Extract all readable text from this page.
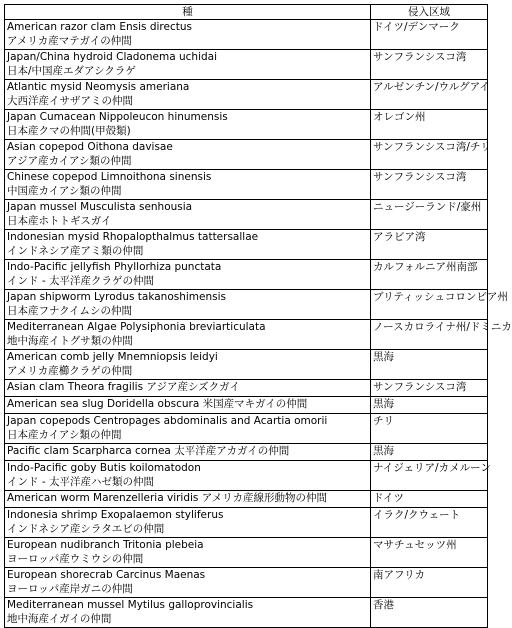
種	侵入区域

American razor clam Ensis directus
アメリカ産マテガイの仲間	ドイツ/デンマーク

Japan/China hydroid Cladonema uchidai
日本/中国産エダアシクラゲ	サンフランシスコ湾

Atlantic mysid Neomysis ameriana
大西洋産イサザアミの仲間	アルゼンチン/ウルグアイ

Japan Cumacean Nippoleucon hinumensis
日本産クマの仲間(甲殻類)	オレゴン州

Asian copepod Oithona davisae
アジア産カイアシ類の仲間	サンフランシスコ湾/チリ

Chinese copepod Limnoithona sinensis
中国産カイアシ類の仲間	サンフランシスコ湾

Japan mussel Musculista senhousia
日本産ホトトギスガイ	ニュージーランド/豪州

Indonesian mysid Rhopalopthalmus tattersallae
インドネシア産アミ類の仲間	アラビア湾

Indo-Pacific jellyfish Phyllorhiza punctata
インド - 太平洋産クラゲの仲間	カルフォルニア州南部

Japan shipworm Lyrodus takanoshimensis
日本産フナクイムシの仲間	ブリティッシュコロンビア州

Mediterranean Algae Polysiphonia breviarticulata
地中海産イトグサ類の仲間	ノースカロライナ州/ドミニカ

American comb jelly Mnemniopsis leidyi
アメリカ産櫛クラゲの仲間	黒海

Asian clam Theora fragilis アジア産シズクガイ	サンフランシスコ湾

American sea slug Doridella obscura 米国産マキガイの仲間	黒海

Japan copepods Centropages abdominalis and Acartia omorii
日本産カイアシ類の仲間	チリ

Pacific clam Scarpharca cornea 太平洋産アカガイの仲間	黒海

Indo-Pacific goby Butis koilomatodon
インド - 太平洋産ハゼ類の仲間	ナイジェリア/カメルーン

American worm Marenzelleria viridis アメリカ産線形動物の仲間	ドイツ

Indonesia shrimp Exopalaemon styliferus
インドネシア産シラタエビの仲間	イラク/クウェート

European nudibranch Tritonia plebeia
ヨーロッパ産ウミウシの仲間	マサチュセッツ州

European shorecrab Carcinus Maenas
ヨーロッパ産岸ガニの仲間	南アフリカ

Mediterranean mussel Mytilus galloprovincialis
地中海産イガイの仲間	香港
